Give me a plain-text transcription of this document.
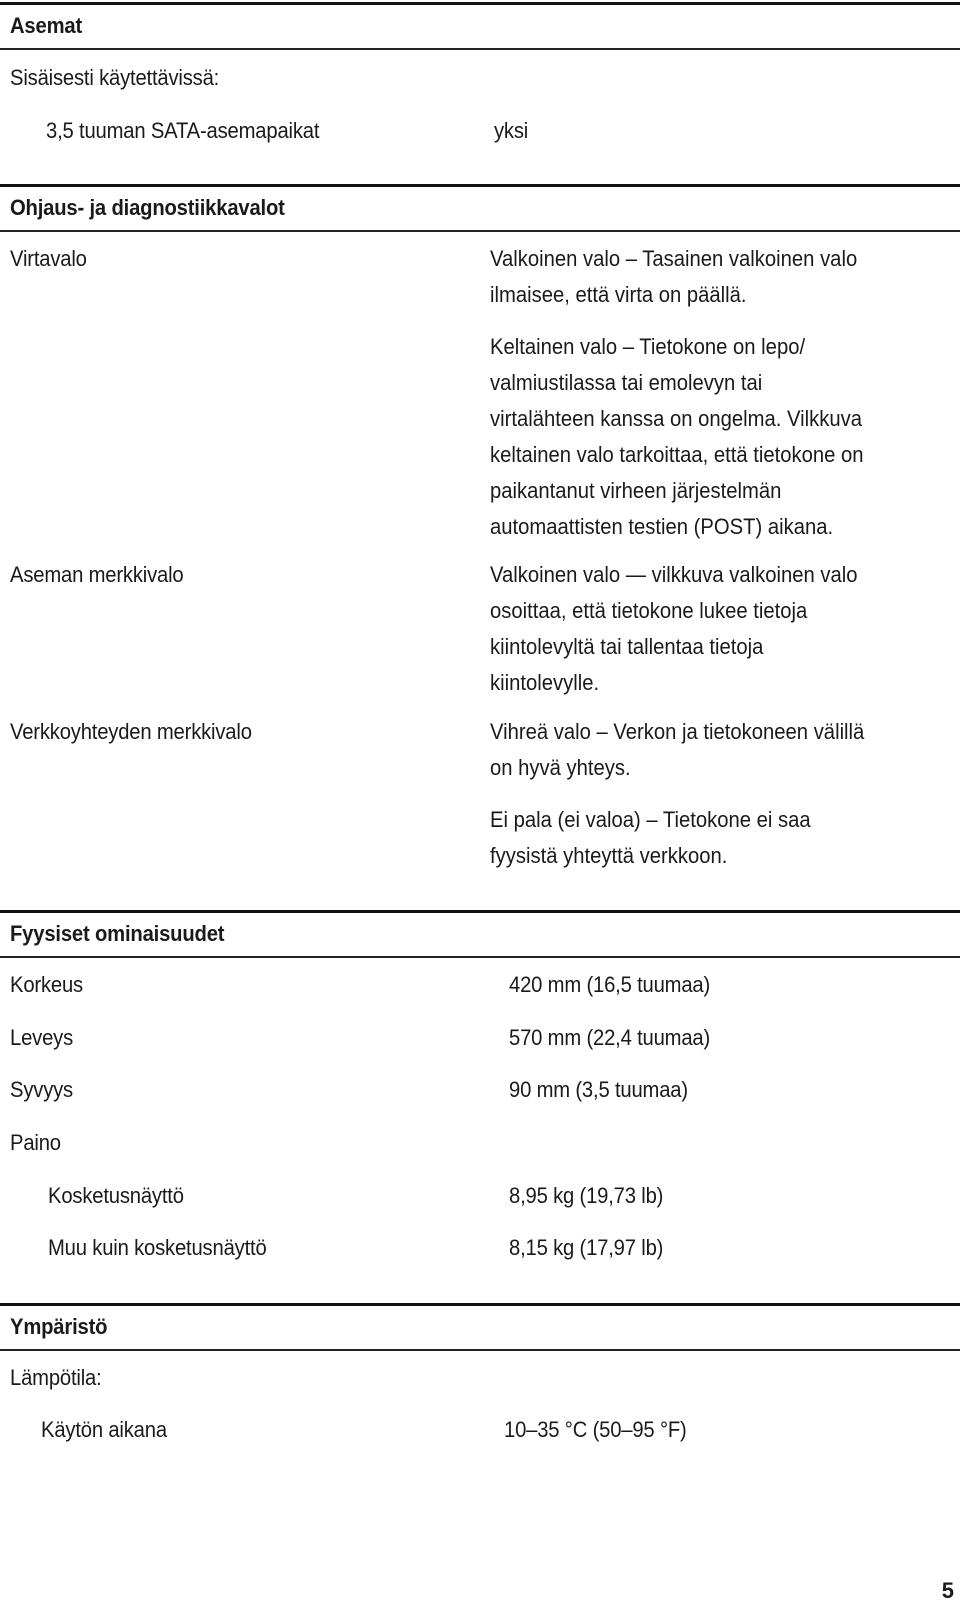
Asemat
Sisäisesti käytettävissä:
3,5 tuuman SATA-asemapaikat	yksi
Ohjaus- ja diagnostiikkavalot
Virtavalo	Valkoinen valo – Tasainen valkoinen valo
ilmaisee, että virta on päällä.
Keltainen valo – Tietokone on lepo/
valmiustilassa tai emolevyn tai
virtalähteen kanssa on ongelma. Vilkkuva
keltainen valo tarkoittaa, että tietokone on
paikantanut virheen järjestelmän
automaattisten testien (POST) aikana.
Aseman merkkivalo	Valkoinen valo — vilkkuva valkoinen valo
osoittaa, että tietokone lukee tietoja
kiintolevyltä tai tallentaa tietoja
kiintolevylle.
Verkkoyhteyden merkkivalo	Vihreä valo – Verkon ja tietokoneen välillä
on hyvä yhteys.
Ei pala (ei valoa) – Tietokone ei saa
fyysistä yhteyttä verkkoon.
Fyysiset ominaisuudet
Korkeus	420 mm (16,5 tuumaa)
Leveys	570 mm (22,4 tuumaa)
Syvyys	90 mm (3,5 tuumaa)
Paino
Kosketusnäyttö	8,95 kg (19,73 lb)
Muu kuin kosketusnäyttö	8,15 kg (17,97 lb)
Ympäristö
Lämpötila:
Käytön aikana	10–35 °C (50–95 °F)
5
